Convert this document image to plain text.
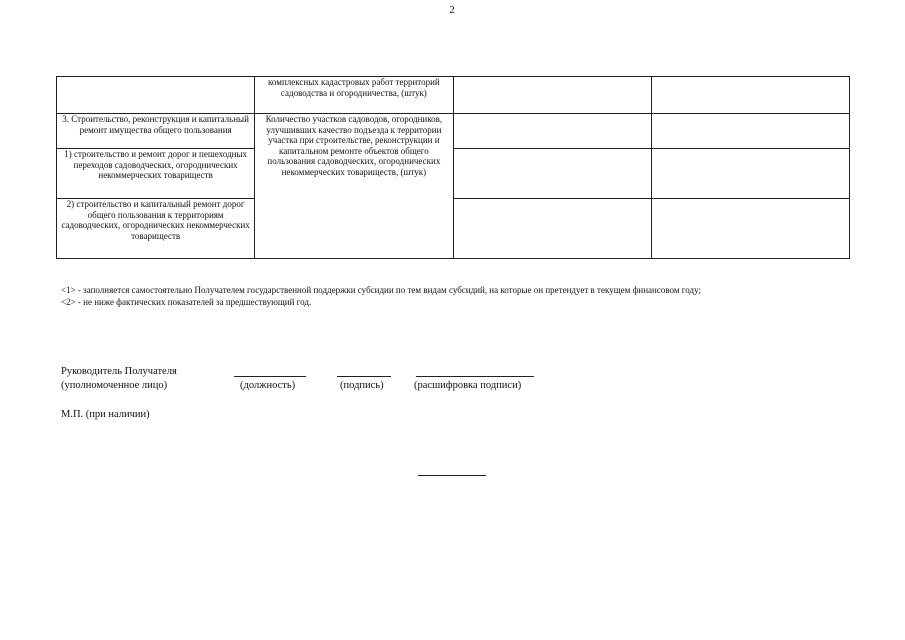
2
	комплексных кадастровых работ территорий садоводства и огородничества, (штук)		
3. Строительство, реконструкция и капитальный ремонт имущества общего пользования	Количество участков садоводов, огородников, улучшивших качество подъезда к территории участка при строительстве, реконструкции и капитальном ремонте объектов общего пользования садоводческих, огороднических некоммерческих товариществ, (штук)		
1) строительство и ремонт дорог и пешеходных переходов садоводческих, огороднических некоммерческих товариществ			
2) строительство и капитальный ремонт дорог общего пользования к территориям садоводческих, огороднических некоммерческих товариществ			
<1> - заполняется самостоятельно Получателем государственной поддержки субсидии по тем видам субсидий, на которые он претендует в текущем финансовом году;
<2> - не ниже фактических показателей за предшествующий год.
Руководитель Получателя
(уполномоченное лицо)	(должность)	(подпись)	(расшифровка подписи)
М.П. (при наличии)
